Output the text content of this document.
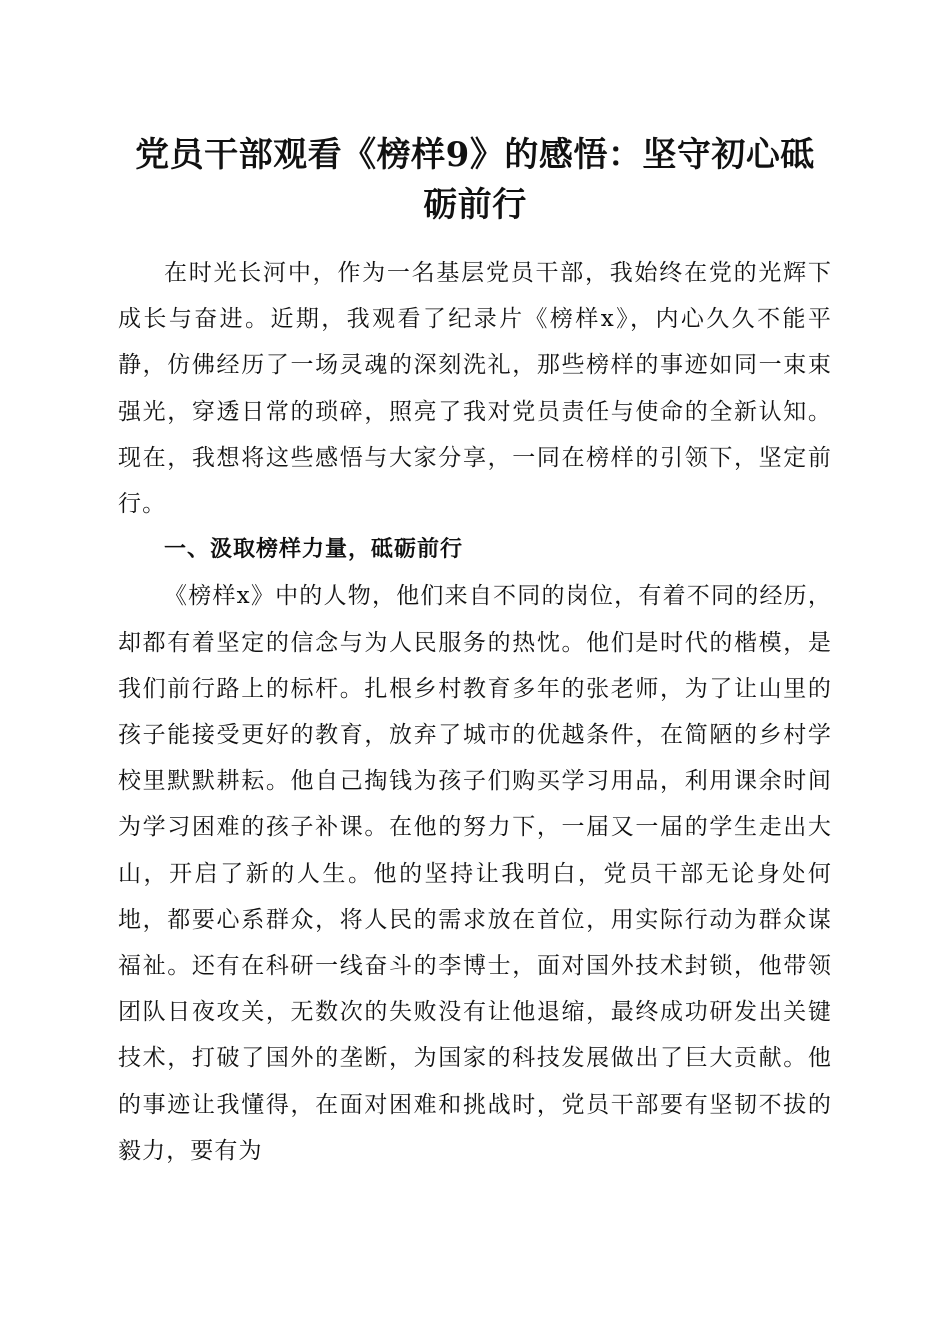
党员干部观看《榜样9》的感悟：坚守初心砥砺前行

在时光长河中，作为一名基层党员干部，我始终在党的光辉下成长与奋进。近期，我观看了纪录片《榜样x》，内心久久不能平静，仿佛经历了一场灵魂的深刻洗礼，那些榜样的事迹如同一束束强光，穿透日常的琐碎，照亮了我对党员责任与使命的全新认知。现在，我想将这些感悟与大家分享，一同在榜样的引领下，坚定前行。

一、汲取榜样力量，砥砺前行

《榜样x》中的人物，他们来自不同的岗位，有着不同的经历，却都有着坚定的信念与为人民服务的热忱。他们是时代的楷模，是我们前行路上的标杆。扎根乡村教育多年的张老师，为了让山里的孩子能接受更好的教育，放弃了城市的优越条件，在简陋的乡村学校里默默耕耘。他自己掏钱为孩子们购买学习用品，利用课余时间为学习困难的孩子补课。在他的努力下，一届又一届的学生走出大山，开启了新的人生。他的坚持让我明白，党员干部无论身处何地，都要心系群众，将人民的需求放在首位，用实际行动为群众谋福祉。还有在科研一线奋斗的李博士，面对国外技术封锁，他带领团队日夜攻关，无数次的失败没有让他退缩，最终成功研发出关键技术，打破了国外的垄断，为国家的科技发展做出了巨大贡献。他的事迹让我懂得，在面对困难和挑战时，党员干部要有坚韧不拔的毅力，要有为
